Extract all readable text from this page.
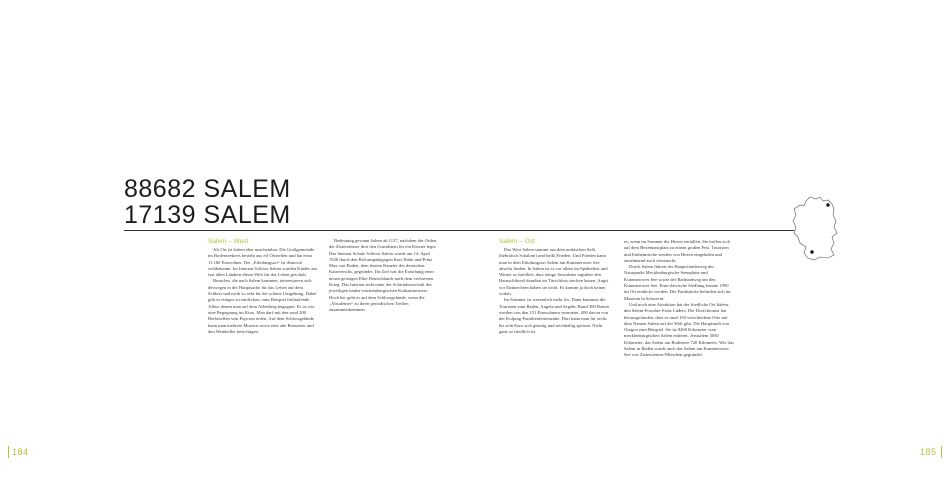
88682 SALEM
17139 SALEM
Salem – West

Als Ort ist Salem eher unscheinbar. Die Großgemeinde im Bodenseekreis besteht aus elf Ortsteilen und hat etwa 11.160 Einwohner. Der „Erholungsort“ ist dennoch weltbekannt. Im Internat Schloss Salem wurden Kinder aus fast allen Ländern dieser Welt für das Leben geschult.

Besucher, die nach Salem kommen, interessieren sich deswegen in der Hauptsache für das Leben auf dem Schloss und nicht so sehr für die schöne Umgebung. Dabei gibt es einiges zu entdecken, zum Beispiel freilaufende Affen, denen man auf dem Affenberg begegnet. Es ist wie eine Begegnung im Kino. Man darf mit den rund 200 Berberaffen sein Popcorn teilen. Auf dem Schlossgelände kann man mehrere Museen sowie eine alte Brennerei und den Weinkeller besichtigen.

Bedeutung gewann Salem ab 1137, nachdem der Orden der Zisterzienser dort den Grundstein für ein Kloster legte. Das Internat Schule Schloss Salem wurde am 14. April 1920 durch den Reformpädagogen Kurt Hahn und Prinz Max von Baden, dem letzten Kanzler des deutschen Kaiserreichs, gegründet. Ihr Ziel war die Erziehung einer neuen geistigen Elite Deutschlands nach dem verlorenen Krieg. Das Internat steht unter der Schirmherrschaft des jeweiligen baden-württembergischen Kultusministers. Hoch her geht es auf dem Schlossgelände, wenn die „Altsalemer“ zu ihren periodischen Treffen zusammenkommen.

Salem – Ost

Das Wort Salem stammt aus dem arabischen Salâ, (hebräisch Schalom) und heißt Frieden. Und Frieden kann man in dem Erholungsort Salem am Kummerower See absolut finden. In Salem ist es vor allem im Spätherbst und Winter so friedlich, dass einige Anwohner tagsüber den Hausschlüssel draußen im Türschloss stecken lassen. Angst vor Einbrechern haben sie nicht. Es kommt ja doch keiner vorbei.

Im Sommer ist wesentlich mehr los. Dann kommen die Touristen zum Baden, Angeln und Segeln. Rund 300 Betten werden von den 151 Einwohnern vermietet. 200 davon von der Kolping-Familienferienstätte. Dort kann man für sechs bis acht Euro sich günstig und reichhaltig speisen. Nicht ganz so friedlich ist

es, wenn im Sommer die Hexen einfallen. Sie treffen sich auf dem Hexentanzplatz zu einem großen Fest. Touristen und Einheimische werden von Hexen eingeladen und zunehmend auch verrauscht.

Durch Salem führen der Hauptwanderweg des Naturparks Mecklenburgische Seenplatte und Kummerower See sowie der Radrundweg um den Kummerower See. Eine slawische Siedlung konnte 1990 im Ort entdeckt werden. Die Fundstücke befinden sich im Museum in Schwerin.

Und noch eine Attraktion hat der friedliche Ort Salem, den Salem-Forscher Ernst Lüders. Der Dorfchronist hat herausgefunden, dass es rund 150 verschiedene Orte mit dem Namen Salem auf der Welt gibt. Die Hauptstadt von Oregon zum Beispiel. Sie ist 8260 Kilometer vom mecklenburgischen Salem entfernt. Jerusalem 3050 Kilometer, das Salem am Bodensee 720 Kilometer. Wie das Salem in Baden wurde auch das Salem am Kummerower See von Zisterzienser-Mönchen gegründet.

184	185
